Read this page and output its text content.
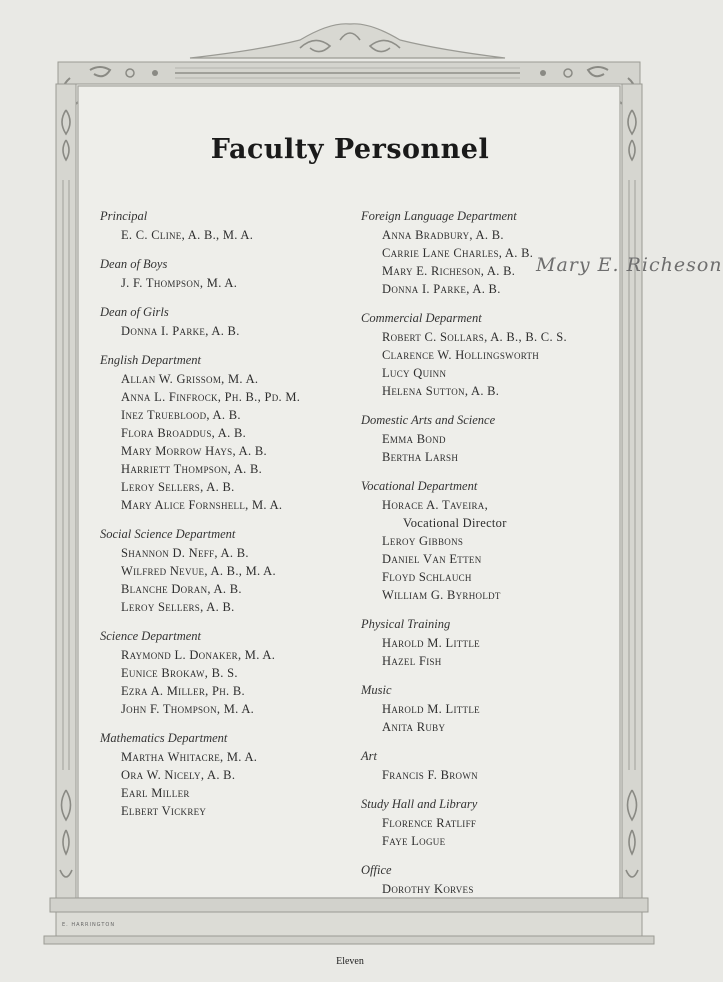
Faculty Personnel
Principal
E. C. Cline, A. B., M. A.
Dean of Boys
J. F. Thompson, M. A.
Dean of Girls
Donna I. Parke, A. B.
English Department
Allan W. Grissom, M. A.
Anna L. Finfrock, Ph. B., Pd. M.
Inez Trueblood, A. B.
Flora Broaddus, A. B.
Mary Morrow Hays, A. B.
Harriett Thompson, A. B.
Leroy Sellers, A. B.
Mary Alice Fornshell, M. A.
Social Science Department
Shannon D. Neff, A. B.
Wilfred Nevue, A. B., M. A.
Blanche Doran, A. B.
Leroy Sellers, A. B.
Science Department
Raymond L. Donaker, M. A.
Eunice Brokaw, B. S.
Ezra A. Miller, Ph. B.
John F. Thompson, M. A.
Mathematics Department
Martha Whitacre, M. A.
Ora W. Nicely, A. B.
Earl Miller
Elbert Vickrey
Foreign Language Department
Anna Bradbury, A. B.
Carrie Lane Charles, A. B.
Mary E. Richeson, A. B.
Donna I. Parke, A. B.
Commercial Deparment
Robert C. Sollars, A. B., B. C. S.
Clarence W. Hollingsworth
Lucy Quinn
Helena Sutton, A. B.
Domestic Arts and Science
Emma Bond
Bertha Larsh
Vocational Department
Horace A. Taveira,
Vocational Director
Leroy Gibbons
Daniel Van Etten
Floyd Schlauch
William G. Byrholdt
Physical Training
Harold M. Little
Hazel Fish
Music
Harold M. Little
Anita Ruby
Art
Francis F. Brown
Study Hall and Library
Florence Ratliff
Faye Logue
Office
Dorothy Korves
Mary E. Richeson
E. HARRINGTON
Eleven
